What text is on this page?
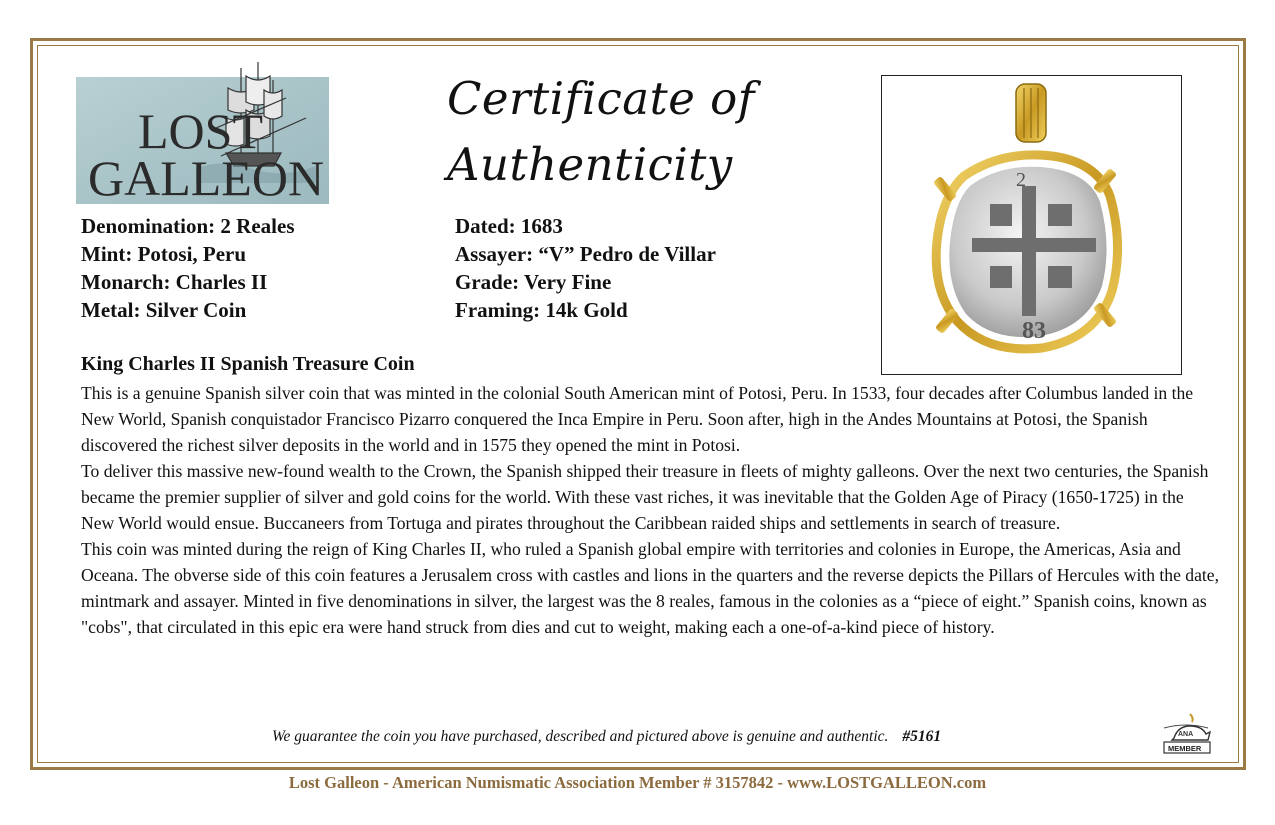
LOST
GALLEON
Certificate of
Authenticity	2
83
Denomination: 2 Reales
Mint: Potosi, Peru
Monarch: Charles II
Metal: Silver Coin
Dated: 1683
Assayer: “V” Pedro de Villar
Grade: Very Fine
Framing: 14k Gold
King Charles II Spanish Treasure Coin

This is a genuine Spanish silver coin that was minted in the colonial South American mint of Potosi, Peru. In 1533, four decades after Columbus landed in the New World, Spanish conquistador Francisco Pizarro conquered the Inca Empire in Peru. Soon after, high in the Andes Mountains at Potosi, the Spanish discovered the richest silver deposits in the world and in 1575 they opened the mint in Potosi.

To deliver this massive new-found wealth to the Crown, the Spanish shipped their treasure in fleets of mighty galleons. Over the next two centuries, the Spanish became the premier supplier of silver and gold coins for the world. With these vast riches, it was inevitable that the Golden Age of Piracy (1650-1725) in the New World would ensue. Buccaneers from Tortuga and pirates throughout the Caribbean raided ships and settlements in search of treasure.

This coin was minted during the reign of King Charles II, who ruled a Spanish global empire with territories and colonies in Europe, the Americas, Asia and Oceana. The obverse side of this coin features a Jerusalem cross with castles and lions in the quarters and the reverse depicts the Pillars of Hercules with the date, mintmark and assayer. Minted in five denominations in silver, the largest was the 8 reales, famous in the colonies as a “piece of eight.” Spanish coins, known as "cobs", that circulated in this epic era were hand struck from dies and cut to weight, making each a one-of-a-kind piece of history.

We guarantee the coin you have purchased, described and pictured above is genuine and authentic. #5161	ANA
MEMBER
Lost Galleon - American Numismatic Association Member # 3157842 - www.LOSTGALLEON.com
